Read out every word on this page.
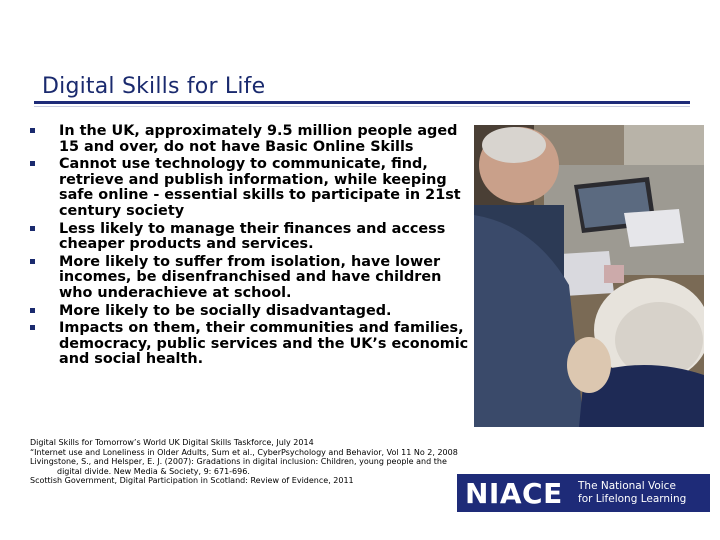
Digital Skills for Life
In the UK, approximately 9.5 million people aged 15 and over, do not have Basic Online Skills
Cannot use technology to communicate, find, retrieve and publish information, while keeping safe online - essential skills to participate in 21st century society
Less likely to manage their finances and access cheaper products and services.
More likely to suffer from isolation, have lower incomes, be disenfranchised and have children who underachieve at school.
More likely to be socially disadvantaged.
Impacts on them, their communities and families, democracy, public services and the UK’s economic and social health.

Digital Skills for Tomorrow’s World UK Digital Skills Taskforce, July 2014

“Internet use and Loneliness in Older Adults, Sum et al., CyberPsychology and Behavior, Vol 11 No 2, 2008

Livingstone, S., and Helsper, E. J. (2007): Gradations in digital inclusion: Children, young people and the digital divide. New Media & Society, 9: 671-696.

Scottish Government, Digital Participation in Scotland: Review of Evidence, 2011	NIACE	The National Voice
for Lifelong Learning
